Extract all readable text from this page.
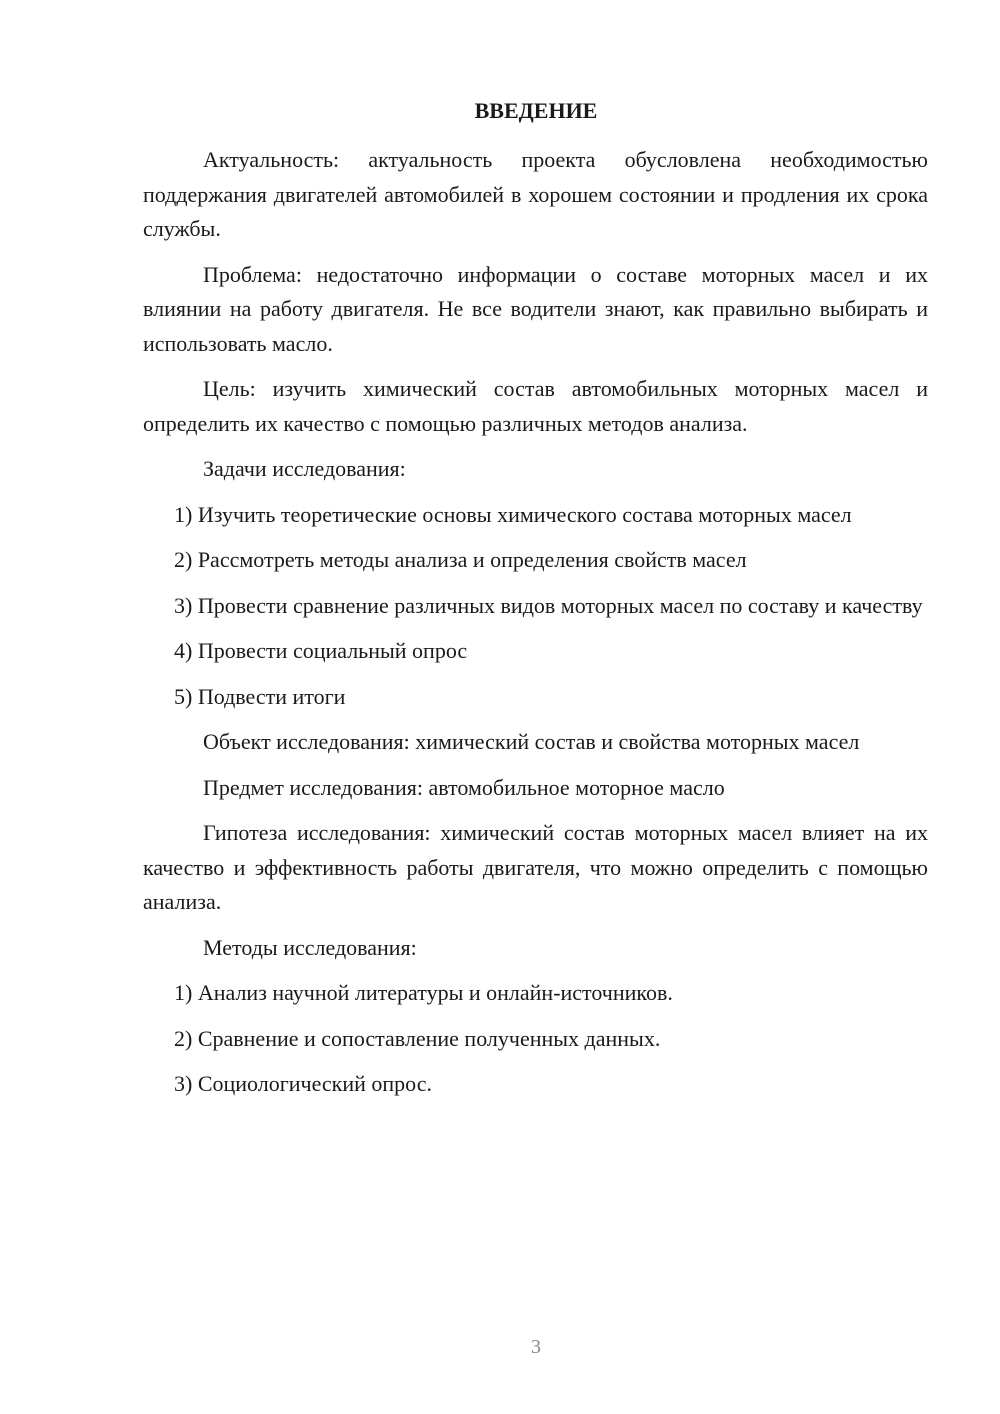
ВВЕДЕНИЕ

Актуальность: актуальность проекта обусловлена необходимостью поддержания двигателей автомобилей в хорошем состоянии и продления их срока службы.

Проблема: недостаточно информации о составе моторных масел и их влиянии на работу двигателя. Не все водители знают, как правильно выбирать и использовать масло.

Цель: изучить химический состав автомобильных моторных масел и определить их качество с помощью различных методов анализа.

Задачи исследования:

1) Изучить теоретические основы химического состава моторных масел

2) Рассмотреть методы анализа и определения свойств масел

3) Провести сравнение различных видов моторных масел по составу и качеству

4) Провести социальный опрос

5) Подвести итоги

Объект исследования: химический состав и свойства моторных масел

Предмет исследования: автомобильное моторное масло

Гипотеза исследования: химический состав моторных масел влияет на их качество и эффективность работы двигателя, что можно определить с помощью анализа.

Методы исследования:

1) Анализ научной литературы и онлайн-источников.

2) Сравнение и сопоставление полученных данных.

3) Социологический опрос.

3
